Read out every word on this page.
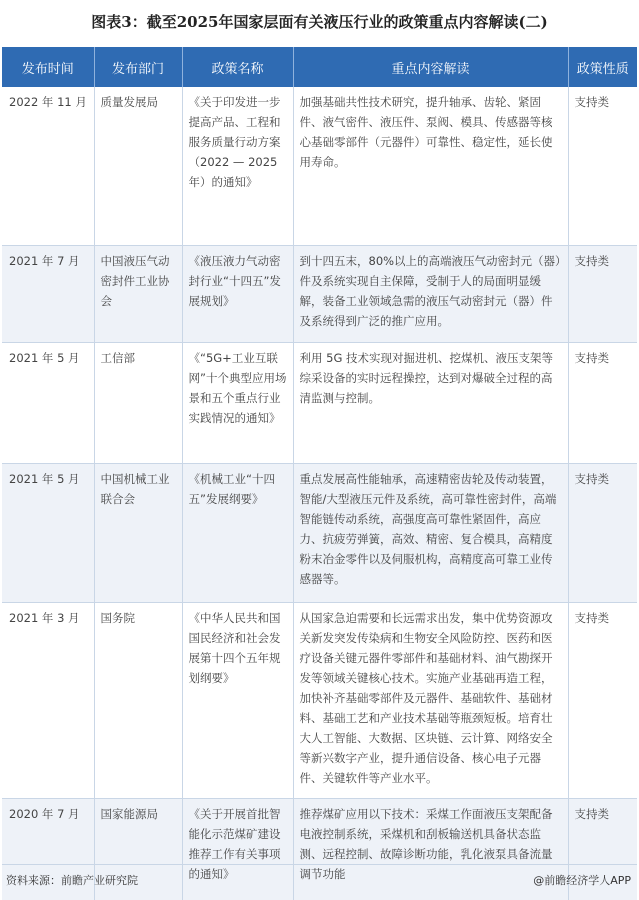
图表3：截至2025年国家层面有关液压行业的政策重点内容解读(二)
发布时间	发布部门	政策名称	重点内容解读	政策性质
2022 年 11 月	质量发展局	《关于印发进一步提高产品、工程和服务质量行动方案（2022 — 2025年）的通知》	加强基础共性技术研究，提升轴承、齿轮、紧固件、液气密件、液压件、泵阀、模具、传感器等核心基础零部件（元器件）可靠性、稳定性，延长使用寿命。	支持类
2021 年 7 月	中国液压气动密封件工业协会	《液压液力气动密封行业“十四五”发展规划》	到十四五末，80%以上的高端液压气动密封元（器）件及系统实现自主保障，受制于人的局面明显缓解，装备工业领域急需的液压气动密封元（器）件及系统得到广泛的推广应用。	支持类
2021 年 5 月	工信部	《“5G+工业互联网”十个典型应用场景和五个重点行业实践情况的通知》	利用 5G 技术实现对掘进机、挖煤机、液压支架等综采设备的实时远程操控，达到对爆破全过程的高清监测与控制。	支持类
2021 年 5 月	中国机械工业联合会	《机械工业“十四五”发展纲要》	重点发展高性能轴承，高速精密齿轮及传动装置，智能/大型液压元件及系统，高可靠性密封件，高端智能链传动系统，高强度高可靠性紧固件，高应力、抗疲劳弹簧，高效、精密、复合模具，高精度粉末冶金零件以及伺服机构，高精度高可靠工业传感器等。	支持类
2021 年 3 月	国务院	《中华人民共和国国民经济和社会发展第十四个五年规划纲要》	从国家急迫需要和长远需求出发，集中优势资源攻关新发突发传染病和生物安全风险防控、医药和医疗设备关键元器件零部件和基础材料、油气勘探开发等领域关键核心技术。实施产业基础再造工程，加快补齐基础零部件及元器件、基础软件、基础材料、基础工艺和产业技术基础等瓶颈短板。培育壮大人工智能、大数据、区块链、云计算、网络安全等新兴数字产业，提升通信设备、核心电子元器件、关键软件等产业水平。	支持类
2020 年 7 月	国家能源局	《关于开展首批智能化示范煤矿建设推荐工作有关事项的通知》	推荐煤矿应用以下技术：采煤工作面液压支架配备电液控制系统，采煤机和刮板输送机具备状态监测、远程控制、故障诊断功能，乳化液泵具备流量调节功能	支持类
资料来源：前瞻产业研究院	@前瞻经济学人APP
